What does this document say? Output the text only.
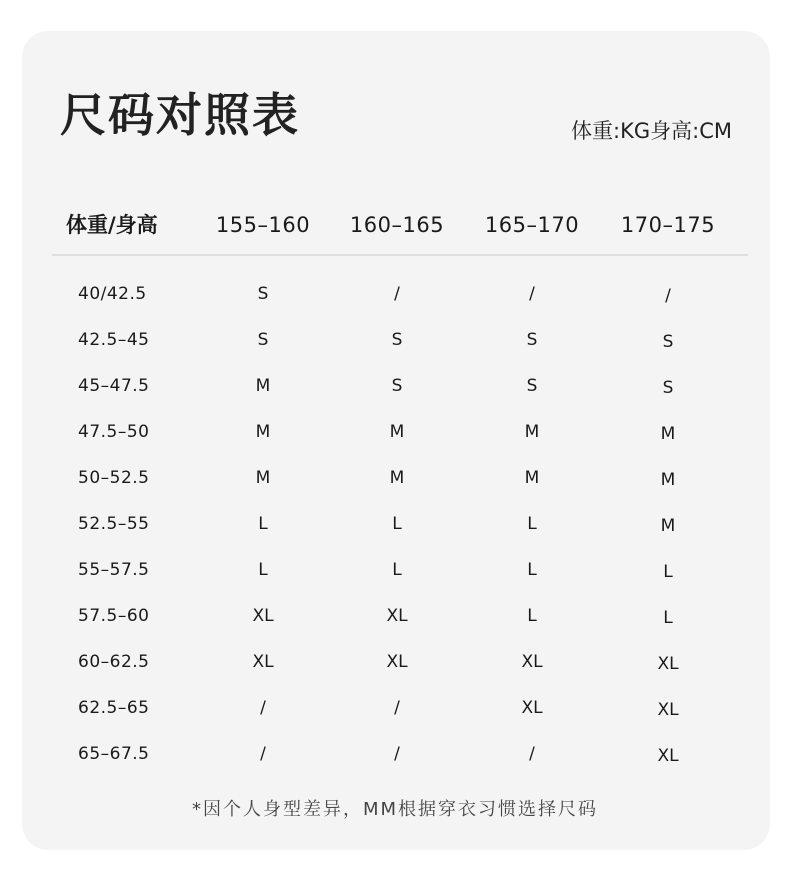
尺码对照表	体重:KG身高:CM
体重/身高	155–160	160–165	165–170	170–175
40/42.5	S	/	/	/
42.5–45	S	S	S	S
45–47.5	M	S	S	S
47.5–50	M	M	M	M
50–52.5	M	M	M	M
52.5–55	L	L	L	M
55–57.5	L	L	L	L
57.5–60	XL	XL	L	L
60–62.5	XL	XL	XL	XL
62.5–65	/	/	XL	XL
65–67.5	/	/	/	XL
*因个人身型差异，MM根据穿衣习惯选择尺码
